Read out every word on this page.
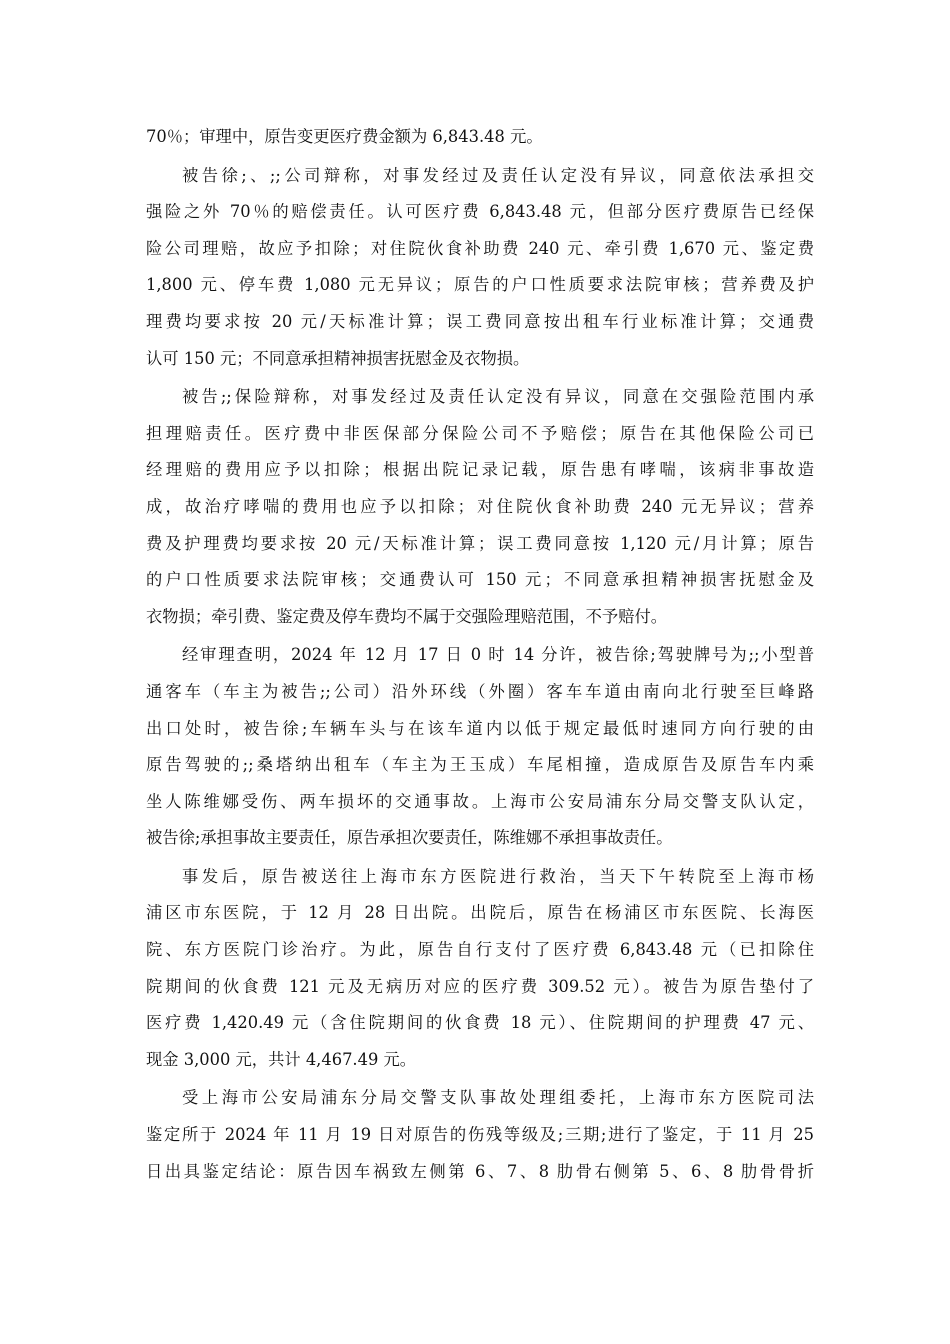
70％；审理中，原告变更医疗费金额为 6,843.48 元。
被告徐;、;;公司辩称，对事发经过及责任认定没有异议，同意依法承担交
强险之外 70％的赔偿责任。认可医疗费 6,843.48 元，但部分医疗费原告已经保
险公司理赔，故应予扣除；对住院伙食补助费 240 元、牵引费 1,670 元、鉴定费
1,800 元、停车费 1,080 元无异议；原告的户口性质要求法院审核；营养费及护
理费均要求按 20 元/天标准计算；误工费同意按出租车行业标准计算；交通费
认可 150 元；不同意承担精神损害抚慰金及衣物损。
被告;;保险辩称，对事发经过及责任认定没有异议，同意在交强险范围内承
担理赔责任。医疗费中非医保部分保险公司不予赔偿；原告在其他保险公司已
经理赔的费用应予以扣除；根据出院记录记载，原告患有哮喘，该病非事故造
成，故治疗哮喘的费用也应予以扣除；对住院伙食补助费 240 元无异议；营养
费及护理费均要求按 20 元/天标准计算；误工费同意按 1,120 元/月计算；原告
的户口性质要求法院审核；交通费认可 150 元；不同意承担精神损害抚慰金及
衣物损；牵引费、鉴定费及停车费均不属于交强险理赔范围，不予赔付。
经审理查明，2024 年 12 月 17 日 0 时 14 分许，被告徐;驾驶牌号为;;小型普
通客车（车主为被告;;公司）沿外环线（外圈）客车车道由南向北行驶至巨峰路
出口处时，被告徐;车辆车头与在该车道内以低于规定最低时速同方向行驶的由
原告驾驶的;;桑塔纳出租车（车主为王玉成）车尾相撞，造成原告及原告车内乘
坐人陈维娜受伤、两车损坏的交通事故。上海市公安局浦东分局交警支队认定，
被告徐;承担事故主要责任，原告承担次要责任，陈维娜不承担事故责任。
事发后，原告被送往上海市东方医院进行救治，当天下午转院至上海市杨
浦区市东医院，于 12 月 28 日出院。出院后，原告在杨浦区市东医院、长海医
院、东方医院门诊治疗。为此，原告自行支付了医疗费 6,843.48 元（已扣除住
院期间的伙食费 121 元及无病历对应的医疗费 309.52 元）。被告为原告垫付了
医疗费 1,420.49 元（含住院期间的伙食费 18 元）、住院期间的护理费 47 元、
现金 3,000 元，共计 4,467.49 元。
受上海市公安局浦东分局交警支队事故处理组委托，上海市东方医院司法
鉴定所于 2024 年 11 月 19 日对原告的伤残等级及;三期;进行了鉴定，于 11 月 25
日出具鉴定结论：原告因车祸致左侧第 6、7、8 肋骨右侧第 5、6、8 肋骨骨折
